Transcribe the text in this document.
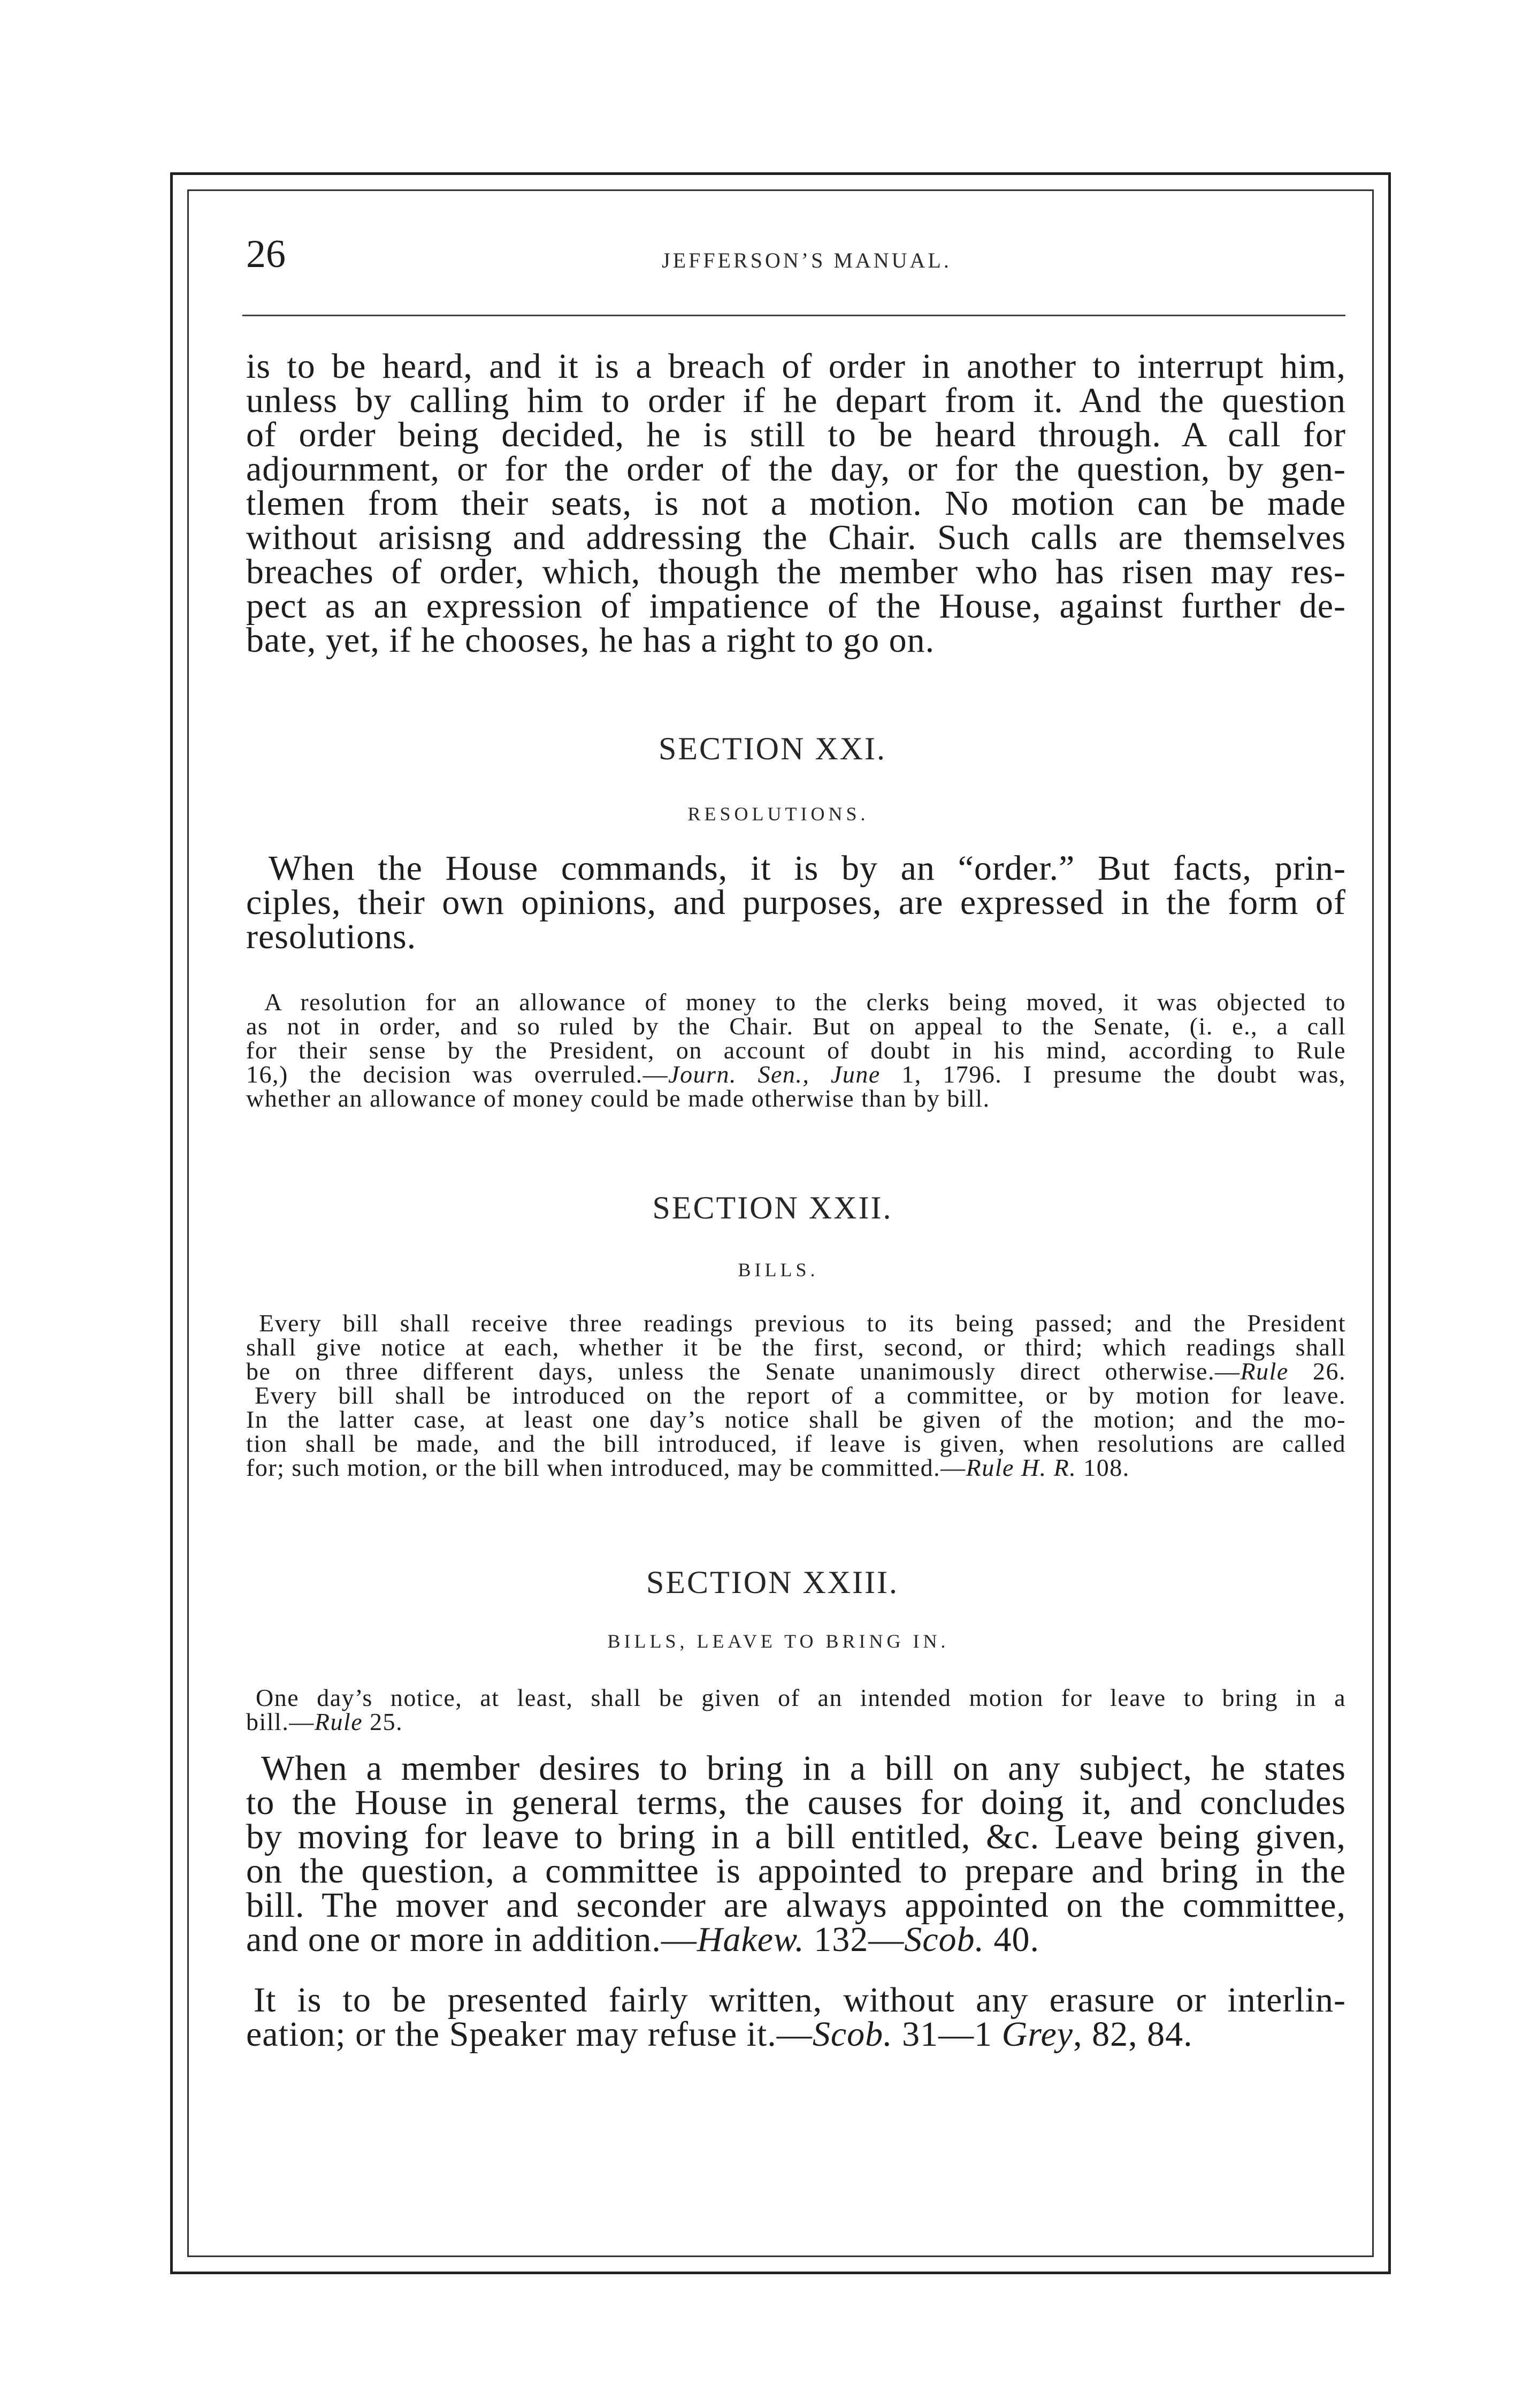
26	JEFFERSON’S MANUAL.
is to be heard, and it is a breach of order in another to interrupt him,
unless by calling him to order if he depart from it. And the question
of order being decided, he is still to be heard through. A call for
adjournment, or for the order of the day, or for the question, by gen-
tlemen from their seats, is not a motion. No motion can be made
without arisisng and addressing the Chair. Such calls are themselves
breaches of order, which, though the member who has risen may res-
pect as an expression of impatience of the House, against further de-
bate, yet, if he chooses, he has a right to go on.
SECTION XXI.
RESOLUTIONS.
When the House commands, it is by an “order.” But facts, prin-
ciples, their own opinions, and purposes, are expressed in the form of
resolutions.
A resolution for an allowance of money to the clerks being moved, it was objected to
as not in order, and so ruled by the Chair. But on appeal to the Senate, (i. e., a call
for their sense by the President, on account of doubt in his mind, according to Rule
16,) the decision was overruled.—Journ. Sen., June 1, 1796. I presume the doubt was,
whether an allowance of money could be made otherwise than by bill.
SECTION XXII.
BILLS.
Every bill shall receive three readings previous to its being passed; and the President
shall give notice at each, whether it be the first, second, or third; which readings shall
be on three different days, unless the Senate unanimously direct otherwise.—Rule 26.
Every bill shall be introduced on the report of a committee, or by motion for leave.
In the latter case, at least one day’s notice shall be given of the motion; and the mo-
tion shall be made, and the bill introduced, if leave is given, when resolutions are called
for; such motion, or the bill when introduced, may be committed.—Rule H. R. 108.
SECTION XXIII.
BILLS, LEAVE TO BRING IN.
One day’s notice, at least, shall be given of an intended motion for leave to bring in a
bill.—Rule 25.
When a member desires to bring in a bill on any subject, he states
to the House in general terms, the causes for doing it, and concludes
by moving for leave to bring in a bill entitled, &c. Leave being given,
on the question, a committee is appointed to prepare and bring in the
bill. The mover and seconder are always appointed on the committee,
and one or more in addition.—Hakew. 132—Scob. 40.
It is to be presented fairly written, without any erasure or interlin-
eation; or the Speaker may refuse it.—Scob. 31—1 Grey, 82, 84.
